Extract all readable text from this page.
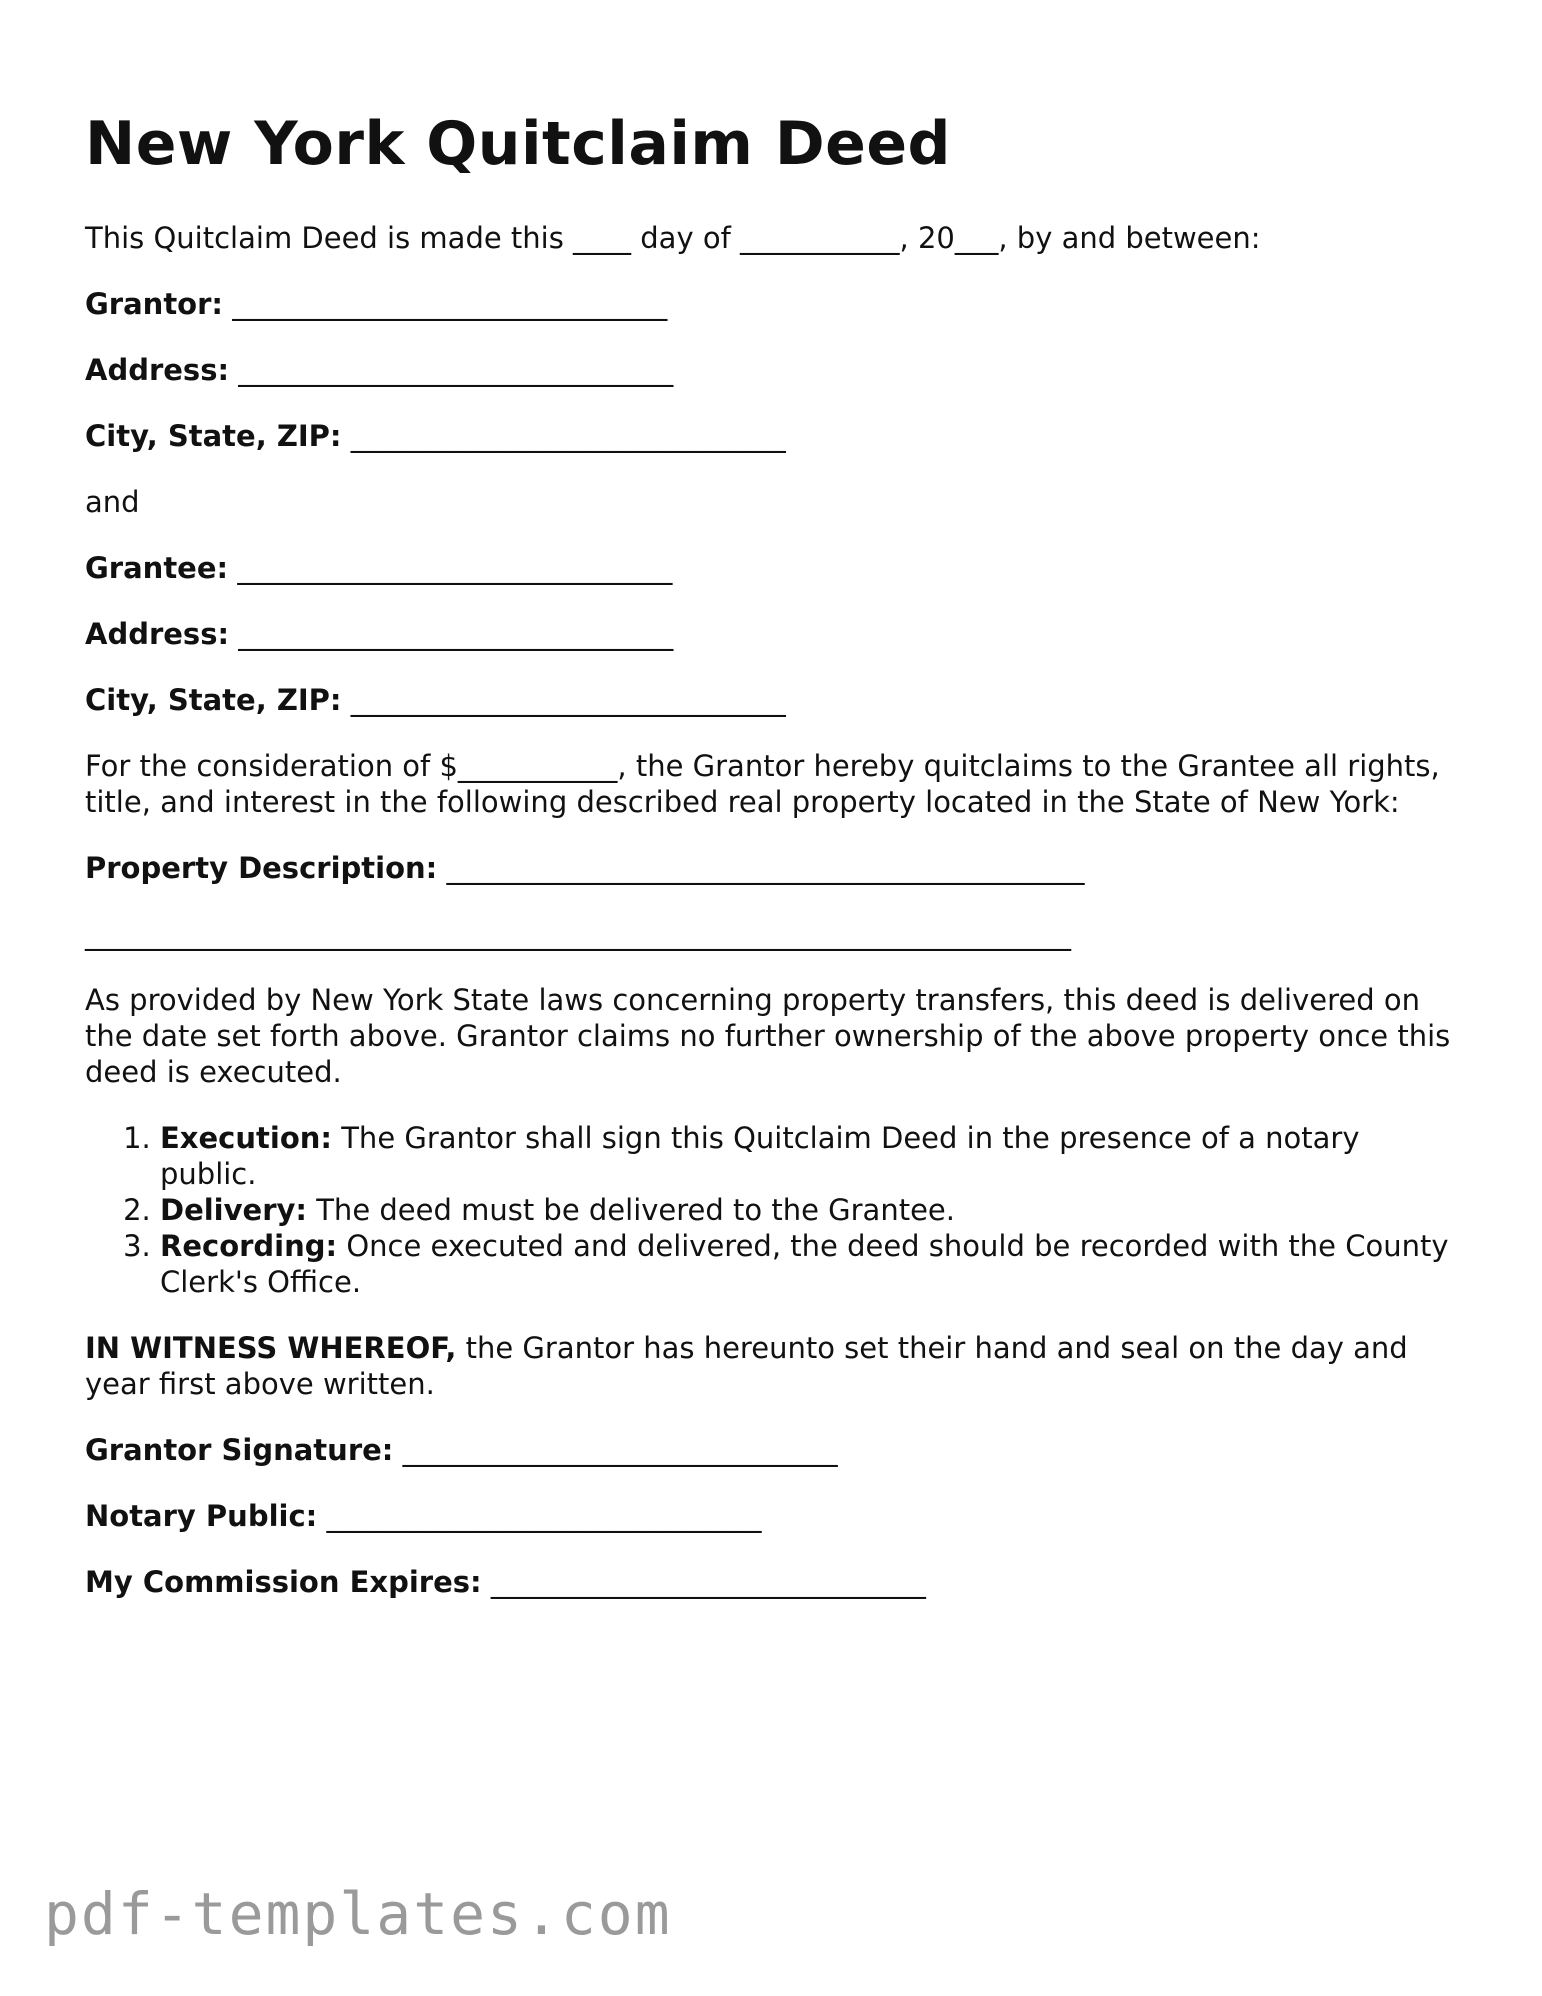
New York Quitclaim Deed

This Quitclaim Deed is made this ____ day of ___________, 20___, by and between:

Grantor: ______________________________
Address: ______________________________
City, State, ZIP: ______________________________

and

Grantee: ______________________________
Address: ______________________________
City, State, ZIP: ______________________________

For the consideration of $___________, the Grantor hereby quitclaims to the Grantee all rights, title, and interest in the following described real property located in the State of New York:

Property Description: ____________________________________________
____________________________________________________________________

As provided by New York State laws concerning property transfers, this deed is delivered on the date set forth above. Grantor claims no further ownership of the above property once this deed is executed.

1. Execution: The Grantor shall sign this Quitclaim Deed in the presence of a notary public.
2. Delivery: The deed must be delivered to the Grantee.
3. Recording: Once executed and delivered, the deed should be recorded with the County Clerk's Office.

IN WITNESS WHEREOF, the Grantor has hereunto set their hand and seal on the day and year first above written.

Grantor Signature: ______________________________
Notary Public: ______________________________
My Commission Expires: ______________________________
pdf-templates.com
